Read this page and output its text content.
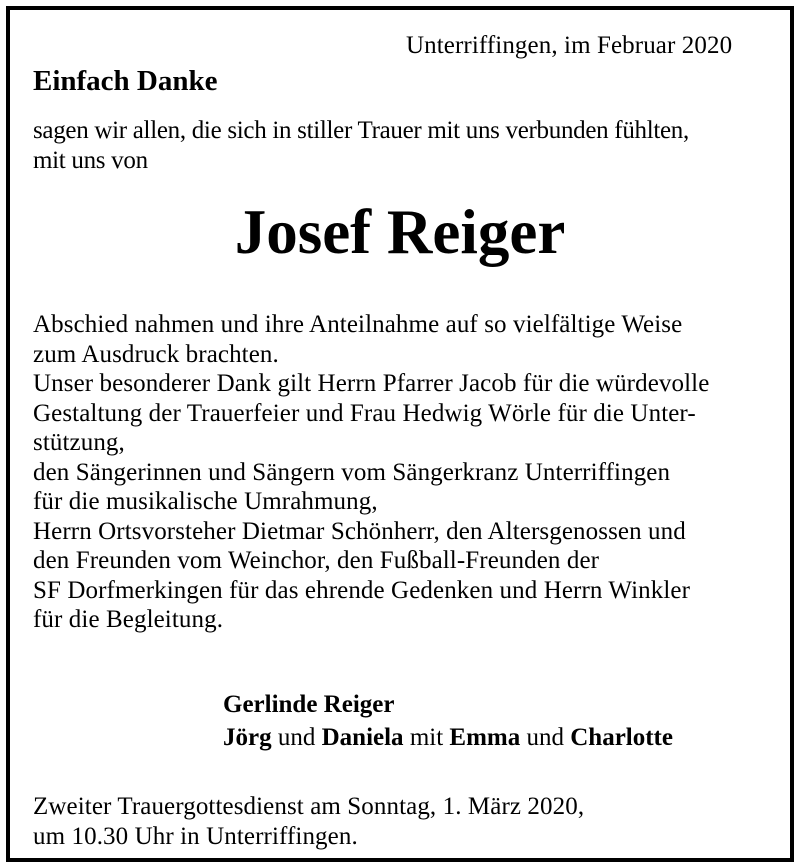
Unterriffingen, im Februar 2020
Einfach Danke
sagen wir allen, die sich in stiller Trauer mit uns verbunden fühlten,
mit uns von
Josef Reiger
Abschied nahmen und ihre Anteilnahme auf so vielfältige Weise
zum Ausdruck brachten.
Unser besonderer Dank gilt Herrn Pfarrer Jacob für die würdevolle
Gestaltung der Trauerfeier und Frau Hedwig Wörle für die Unter-
stützung,
den Sängerinnen und Sängern vom Sängerkranz Unterriffingen
für die musikalische Umrahmung,
Herrn Ortsvorsteher Dietmar Schönherr, den Altersgenossen und
den Freunden vom Weinchor, den Fußball-Freunden der
SF Dorfmerkingen für das ehrende Gedenken und Herrn Winkler
für die Begleitung.
Gerlinde Reiger
Jörg und Daniela mit Emma und Charlotte
Zweiter Trauergottesdienst am Sonntag, 1. März 2020,
um 10.30 Uhr in Unterriffingen.
